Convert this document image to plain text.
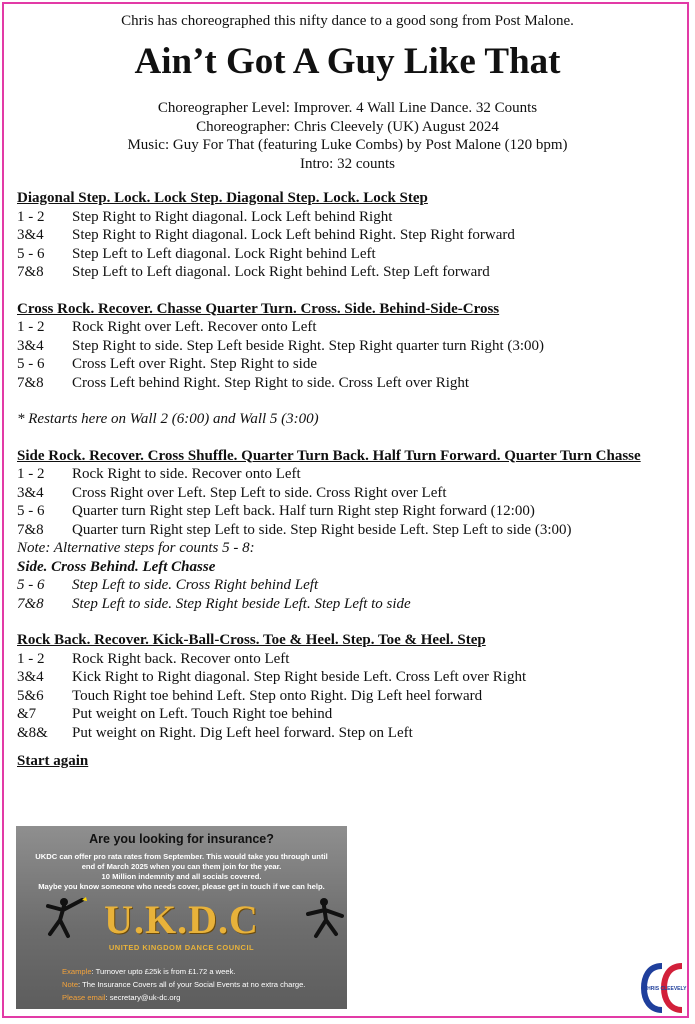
Chris has choreographed this nifty dance to a good song from Post Malone.
Ain’t Got A Guy Like That
Choreographer Level: Improver. 4 Wall Line Dance. 32 Counts
Choreographer: Chris Cleevely (UK) August 2024
Music: Guy For That (featuring Luke Combs) by Post Malone (120 bpm)
Intro: 32 counts
Diagonal Step. Lock. Lock Step. Diagonal Step. Lock. Lock Step
1 - 2	Step Right to Right diagonal. Lock Left behind Right
3&4	Step Right to Right diagonal. Lock Left behind Right. Step Right forward
5 - 6	Step Left to Left diagonal. Lock Right behind Left
7&8	Step Left to Left diagonal. Lock Right behind Left. Step Left forward
Cross Rock. Recover. Chasse Quarter Turn. Cross. Side. Behind-Side-Cross
1 - 2	Rock Right over Left. Recover onto Left
3&4	Step Right to side. Step Left beside Right. Step Right quarter turn Right (3:00)
5 - 6	Cross Left over Right. Step Right to side
7&8	Cross Left behind Right. Step Right to side. Cross Left over Right
* Restarts here on Wall 2 (6:00) and Wall 5 (3:00)
Side Rock. Recover. Cross Shuffle. Quarter Turn Back. Half Turn Forward. Quarter Turn Chasse
1 - 2	Rock Right to side. Recover onto Left
3&4	Cross Right over Left. Step Left to side. Cross Right over Left
5 - 6	Quarter turn Right step Left back. Half turn Right step Right forward (12:00)
7&8	Quarter turn Right step Left to side. Step Right beside Left. Step Left to side (3:00)
Note: Alternative steps for counts 5 - 8:
Side. Cross Behind. Left Chasse
5 - 6	Step Left to side. Cross Right behind Left
7&8	Step Left to side. Step Right beside Left. Step Left to side
Rock Back. Recover. Kick-Ball-Cross. Toe & Heel. Step. Toe & Heel. Step
1 - 2	Rock Right back. Recover onto Left
3&4	Kick Right to Right diagonal. Step Right beside Left. Cross Left over Right
5&6	Touch Right toe behind Left. Step onto Right. Dig Left heel forward
&7	Put weight on Left. Touch Right toe behind
&8&	Put weight on Right. Dig Left heel forward. Step on Left
Start again
Are you looking for insurance?
UKDC can offer pro rata rates from September. This would take you through until
end of March 2025 when you can them join for the year.
10 Million indemnity and all socials covered.
Maybe you know someone who needs cover, please get in touch if we can help.
U.K.D.C
UNITED KINGDOM DANCE COUNCIL
Example: Turnover upto £25k is from £1.72 a week.
Note: The Insurance Covers all of your Social Events at no extra charge.
Please email: secretary@uk-dc.org
CHRIS CLEEVELY
